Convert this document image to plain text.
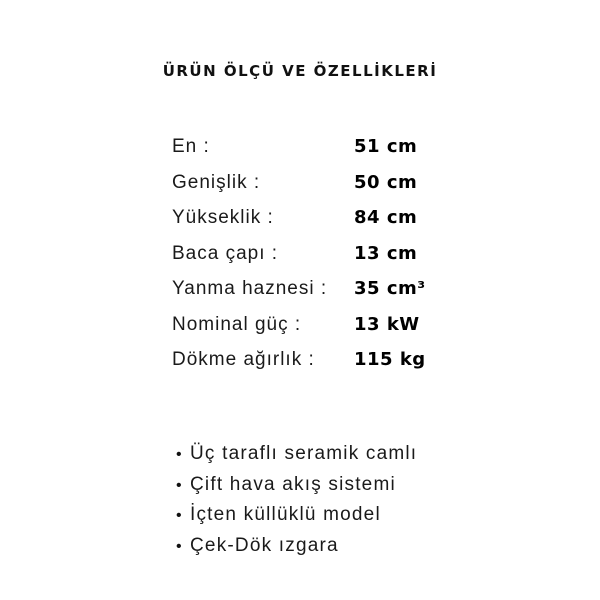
ÜRÜN ÖLÇÜ VE ÖZELLİKLERİ
En :	51 cm
Genişlik :	50 cm
Yükseklik :	84 cm
Baca çapı :	13 cm
Yanma haznesi :	35 cm³
Nominal güç :	13 kW
Dökme ağırlık :	115 kg
• Üç taraflı seramik camlı
• Çift hava akış sistemi
• İçten küllüklü model
• Çek-Dök ızgara
